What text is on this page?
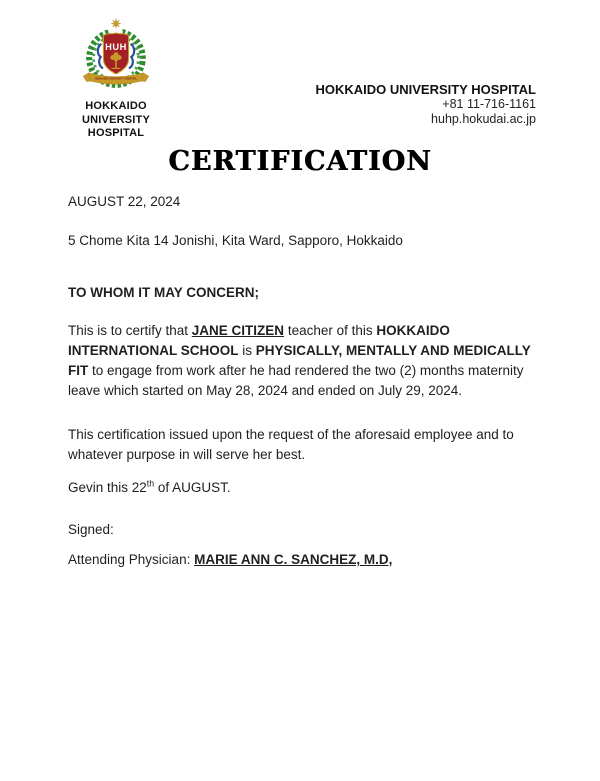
HUH
HOKKAIDO UNIVERSITY HOSPITAL
HOKKAIDO
UNIVERSITY
HOSPITAL
HOKKAIDO UNIVERSITY HOSPITAL
+81 11-716-1161
huhp.hokudai.ac.jp
CERTIFICATION
AUGUST 22, 2024
5 Chome Kita 14 Jonishi, Kita Ward, Sapporo, Hokkaido
TO WHOM IT MAY CONCERN;
This is to certify that JANE CITIZEN teacher of this HOKKAIDO INTERNATIONAL SCHOOL is PHYSICALLY, MENTALLY AND MEDICALLY FIT to engage from work after he had rendered the two (2) months maternity leave which started on May 28, 2024 and ended on July 29, 2024.
This certification issued upon the request of the aforesaid employee and to whatever purpose in will serve her best.
Gevin this 22th of AUGUST.
Signed:
Attending Physician: MARIE ANN C. SANCHEZ, M.D,
